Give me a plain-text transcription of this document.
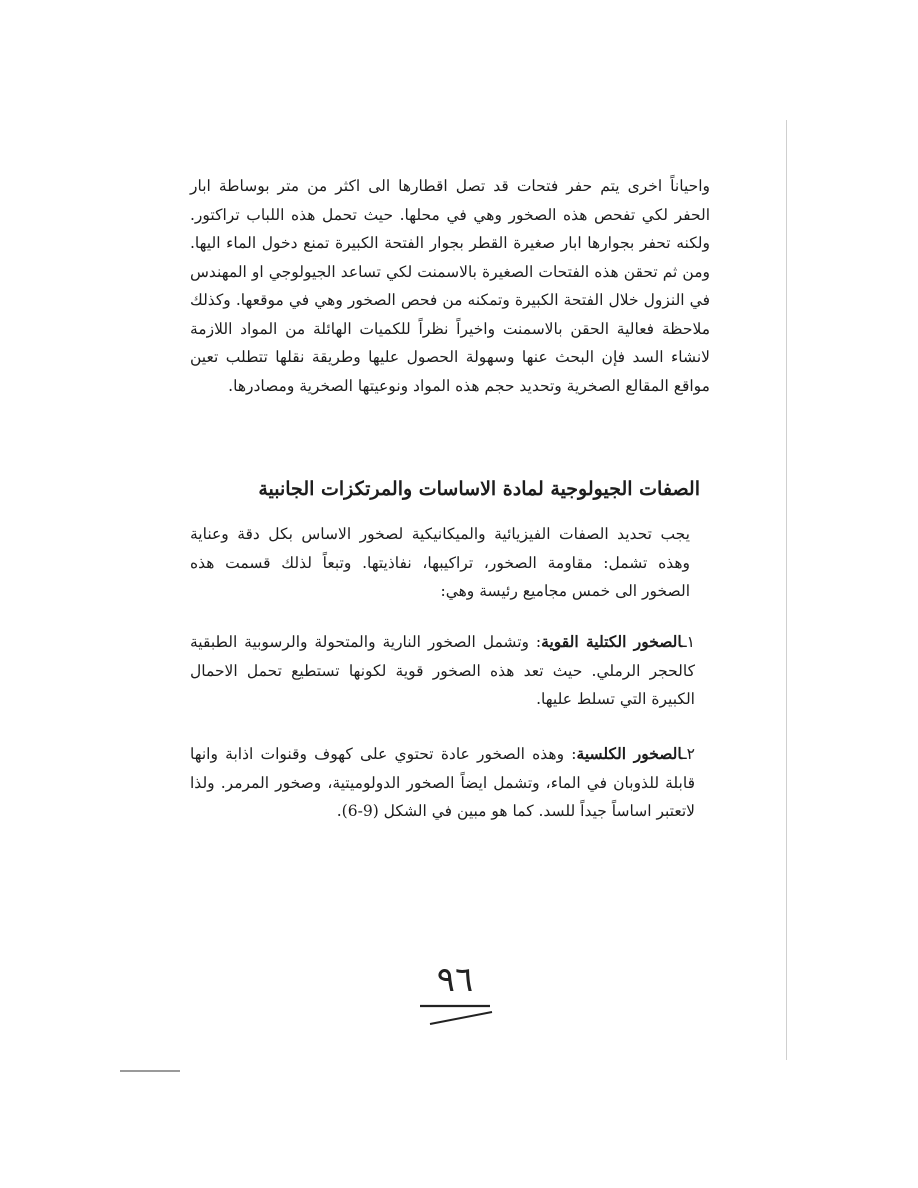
واحياناً اخرى يتم حفر فتحات قد تصل اقطارها الى اكثر من متر بوساطة ابار الحفر لكي تفحص هذه الصخور وهي في محلها. حيث تحمل هذه اللباب تراكتور. ولكنه تحفر بجوارها ابار صغيرة القطر بجوار الفتحة الكبيرة تمنع دخول الماء اليها. ومن ثم تحقن هذه الفتحات الصغيرة بالاسمنت لكي تساعد الجيولوجي او المهندس في النزول خلال الفتحة الكبيرة وتمكنه من فحص الصخور وهي في موقعها. وكذلك ملاحظة فعالية الحقن بالاسمنت واخيراً نظراً للكميات الهائلة من المواد اللازمة لانشاء السد فإن البحث عنها وسهولة الحصول عليها وطريقة نقلها تتطلب تعين مواقع المقالع الصخرية وتحديد حجم هذه المواد ونوعيتها الصخرية ومصادرها.

الصفات الجيولوجية لمادة الاساسات والمرتكزات الجانبية

يجب تحديد الصفات الفيزيائية والميكانيكية لصخور الاساس بكل دقة وعناية وهذه تشمل: مقاومة الصخور، تراكيبها، نفاذيتها. وتبعاً لذلك قسمت هذه الصخور الى خمس مجاميع رئيسة وهي:

١ـالصخور الكتلية القوية: وتشمل الصخور النارية والمتحولة والرسوبية الطبقية كالحجر الرملي. حيث تعد هذه الصخور قوية لكونها تستطيع تحمل الاحمال الكبيرة التي تسلط عليها.

٢ـالصخور الكلسية: وهذه الصخور عادة تحتوي على كهوف وقنوات اذابة وانها قابلة للذوبان في الماء، وتشمل ايضاً الصخور الدولوميتية، وصخور المرمر. ولذا لاتعتبر اساساً جيداً للسد. كما هو مبين في الشكل (9-6).

٩٦
